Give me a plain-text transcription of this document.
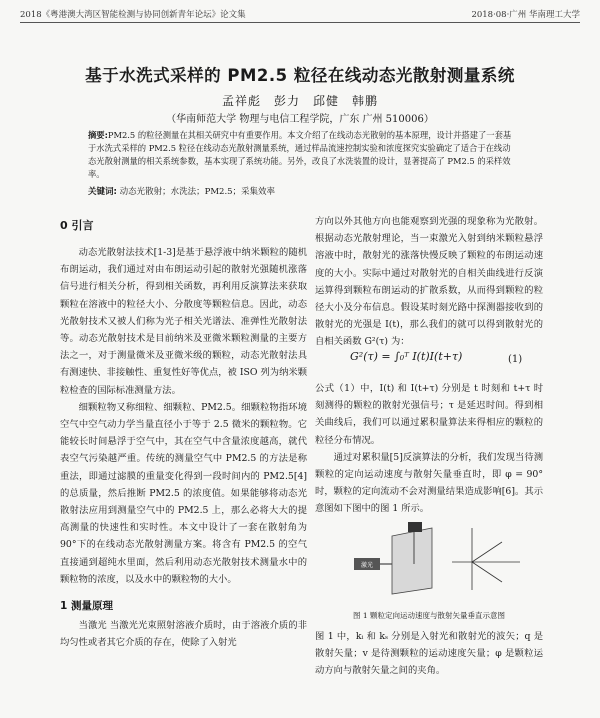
2018《粤港澳大湾区智能检测与协同创新青年论坛》论文集	2018·08·广州 华南理工大学
基于水洗式采样的 PM2.5 粒径在线动态光散射测量系统
孟祥彪　彭力　邱健　韩鹏
（华南师范大学 物理与电信工程学院，广东 广州 510006）
摘要:PM2.5 的粒径测量在其相关研究中有重要作用。本文介绍了在线动态光散射的基本原理，设计并搭建了一套基于水洗式采样的 PM2.5 粒径在线动态光散射测量系统，通过样品流速控制实验和浓度探究实验确定了适合于在线动态光散射测量的相关系统参数，基本实现了系统功能。另外，改良了水洗装置的设计，显著提高了 PM2.5 的采样效率。
关键词: 动态光散射；水洗法；PM2.5；采集效率
0 引言

动态光散射法技术[1-3]是基于悬浮液中纳米颗粒的随机布朗运动，我们通过对由布朗运动引起的散射光强随机涨落信号进行相关分析，得到相关函数，再利用反演算法来获取颗粒在溶液中的粒径大小、分散度等颗粒信息。因此，动态光散射技术又被人们称为光子相关光谱法、准弹性光散射法等。动态光散射技术是目前纳米及亚微米颗粒测量的主要方法之一，对于测量微米及亚微米级的颗粒，动态光散射法具有测速快、非接触性、重复性好等优点，被 ISO 列为纳米颗粒检查的国际标准测量方法。

细颗粒物又称细粒、细颗粒、PM2.5。细颗粒物指环境空气中空气动力学当量直径小于等于 2.5 微米的颗粒物。它能较长时间悬浮于空气中，其在空气中含量浓度越高，就代表空气污染越严重。传统的测量空气中 PM2.5 的方法是称重法，即通过滤膜的重量变化得到一段时间内的 PM2.5[4]的总质量，然后推断 PM2.5 的浓度值。如果能够将动态光散射法应用到测量空气中的 PM2.5 上，那么必将大大的提高测量的快速性和实时性。本文中设计了一套在散射角为 90°下的在线动态光散射测量方案。将含有 PM2.5 的空气直接通到超纯水里面，然后利用动态光散射技术测量水中的颗粒物的浓度，以及水中的颗粒物的大小。

1 测量原理

当激光 当激光光束照射溶液介质时，由于溶液介质的非均匀性或者其它介质的存在，使除了入射光

方向以外其他方向也能观察到光强的现象称为光散射。根据动态光散射理论，当一束激光入射到纳米颗粒悬浮溶液中时，散射光的涨落快慢反映了颗粒的布朗运动速度的大小。实际中通过对散射光的自相关曲线进行反演运算得到颗粒布朗运动的扩散系数，从而得到颗粒的粒径大小及分布信息。假设某时刻光路中探测器接收到的散射光的光强是 I(t)，那么我们的就可以得到散射光的自相关函数 G²(τ) 为：

G²(τ) = ∫₀ᵀ I(t)I(t+τ)	(1)

公式（1）中，I(t) 和 I(t+τ) 分别是 t 时刻和 t+τ 时刻测得的颗粒的散射光强信号；τ 是延迟时间。得到相关曲线后，我们可以通过累积量算法来得相应的颗粒的粒径分布情况。

通过对累积量[5]反演算法的分析，我们发现当待测颗粒的定向运动速度与散射矢量垂直时，即 φ = 90° 时，颗粒的定向流动不会对测量结果造成影响[6]。其示意图如下图中的图 1 所示。

激光
图 1 颗粒定向运动速度与散射矢量垂直示意图

图 1 中，kᵢ 和 kₛ 分别是入射光和散射光的波矢；q 是散射矢量；v 是待测颗粒的运动速度矢量；φ 是颗粒运动方向与散射矢量之间的夹角。
